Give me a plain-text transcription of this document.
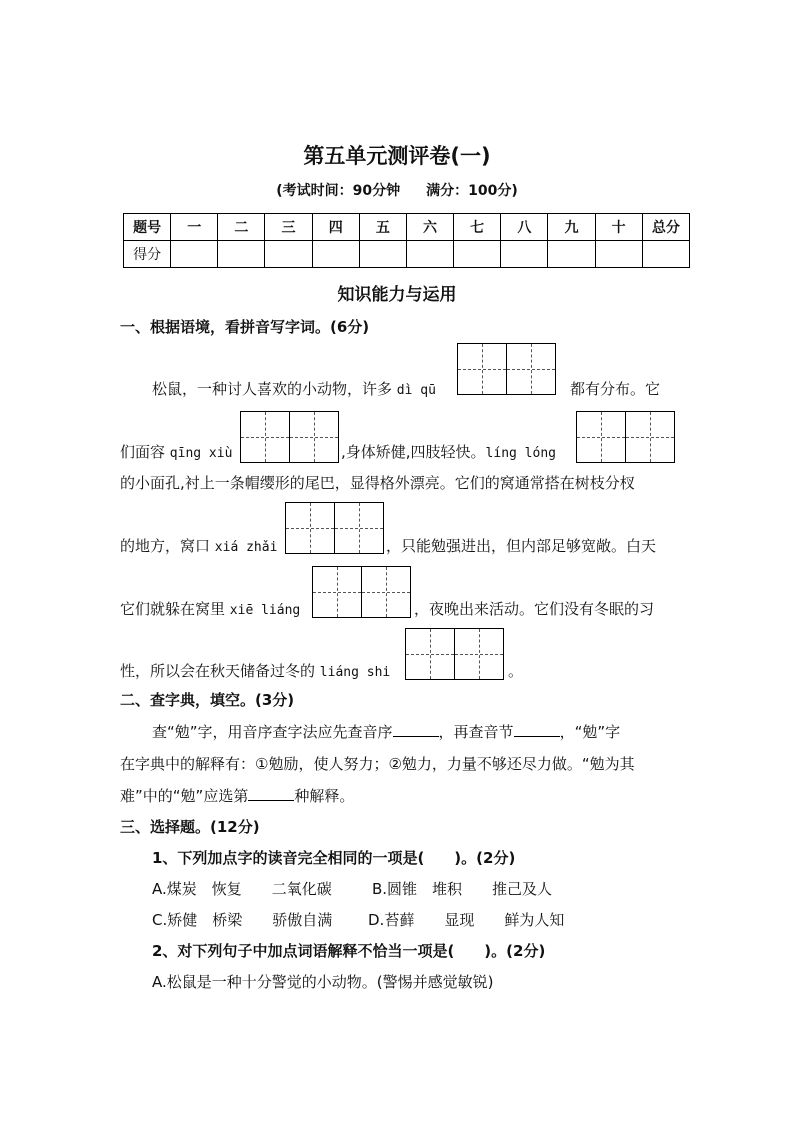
第五单元测评卷(一)
(考试时间：90分钟 满分：100分)
题号	一	二	三	四	五	六	七	八	九	十	总分
得分											
知识能力与运用
一、根据语境，看拼音写字词。(6分)
松鼠，一种讨人喜欢的小动物，许多 dì qū	都有分布。它
们面容 qīng xiù	,身体矫健,四肢轻快。líng lóng
的小面孔,衬上一条帽缨形的尾巴，显得格外漂亮。它们的窝通常搭在树枝分杈
的地方，窝口 xiá zhǎi	，只能勉强进出，但内部足够宽敞。白天
它们就躲在窝里 xiē liáng	，夜晚出来活动。它们没有冬眠的习
性，所以会在秋天储备过冬的 liáng shi	。
二、查字典，填空。(3分)
查“勉”字，用音序查字法应先查音序	，再查音节	，“勉”字
在字典中的解释有：①勉励，使人努力；②勉力，力量不够还尽力做。“勉为其
难”中的“勉”应选第	种解释。
三、选择题。(12分)
1、下列加点字的读音完全相同的一项是(　　)。(2分)
A.煤炭　恢复　　二氧化碳	B.圆锥　堆积　　推己及人
C.矫健　桥梁　　骄傲自满 D.苔藓　　显现　　鲜为人知
2、对下列句子中加点词语解释不恰当一项是(　　)。(2分)
A.松鼠是一种十分警觉的小动物。(警惕并感觉敏锐)
